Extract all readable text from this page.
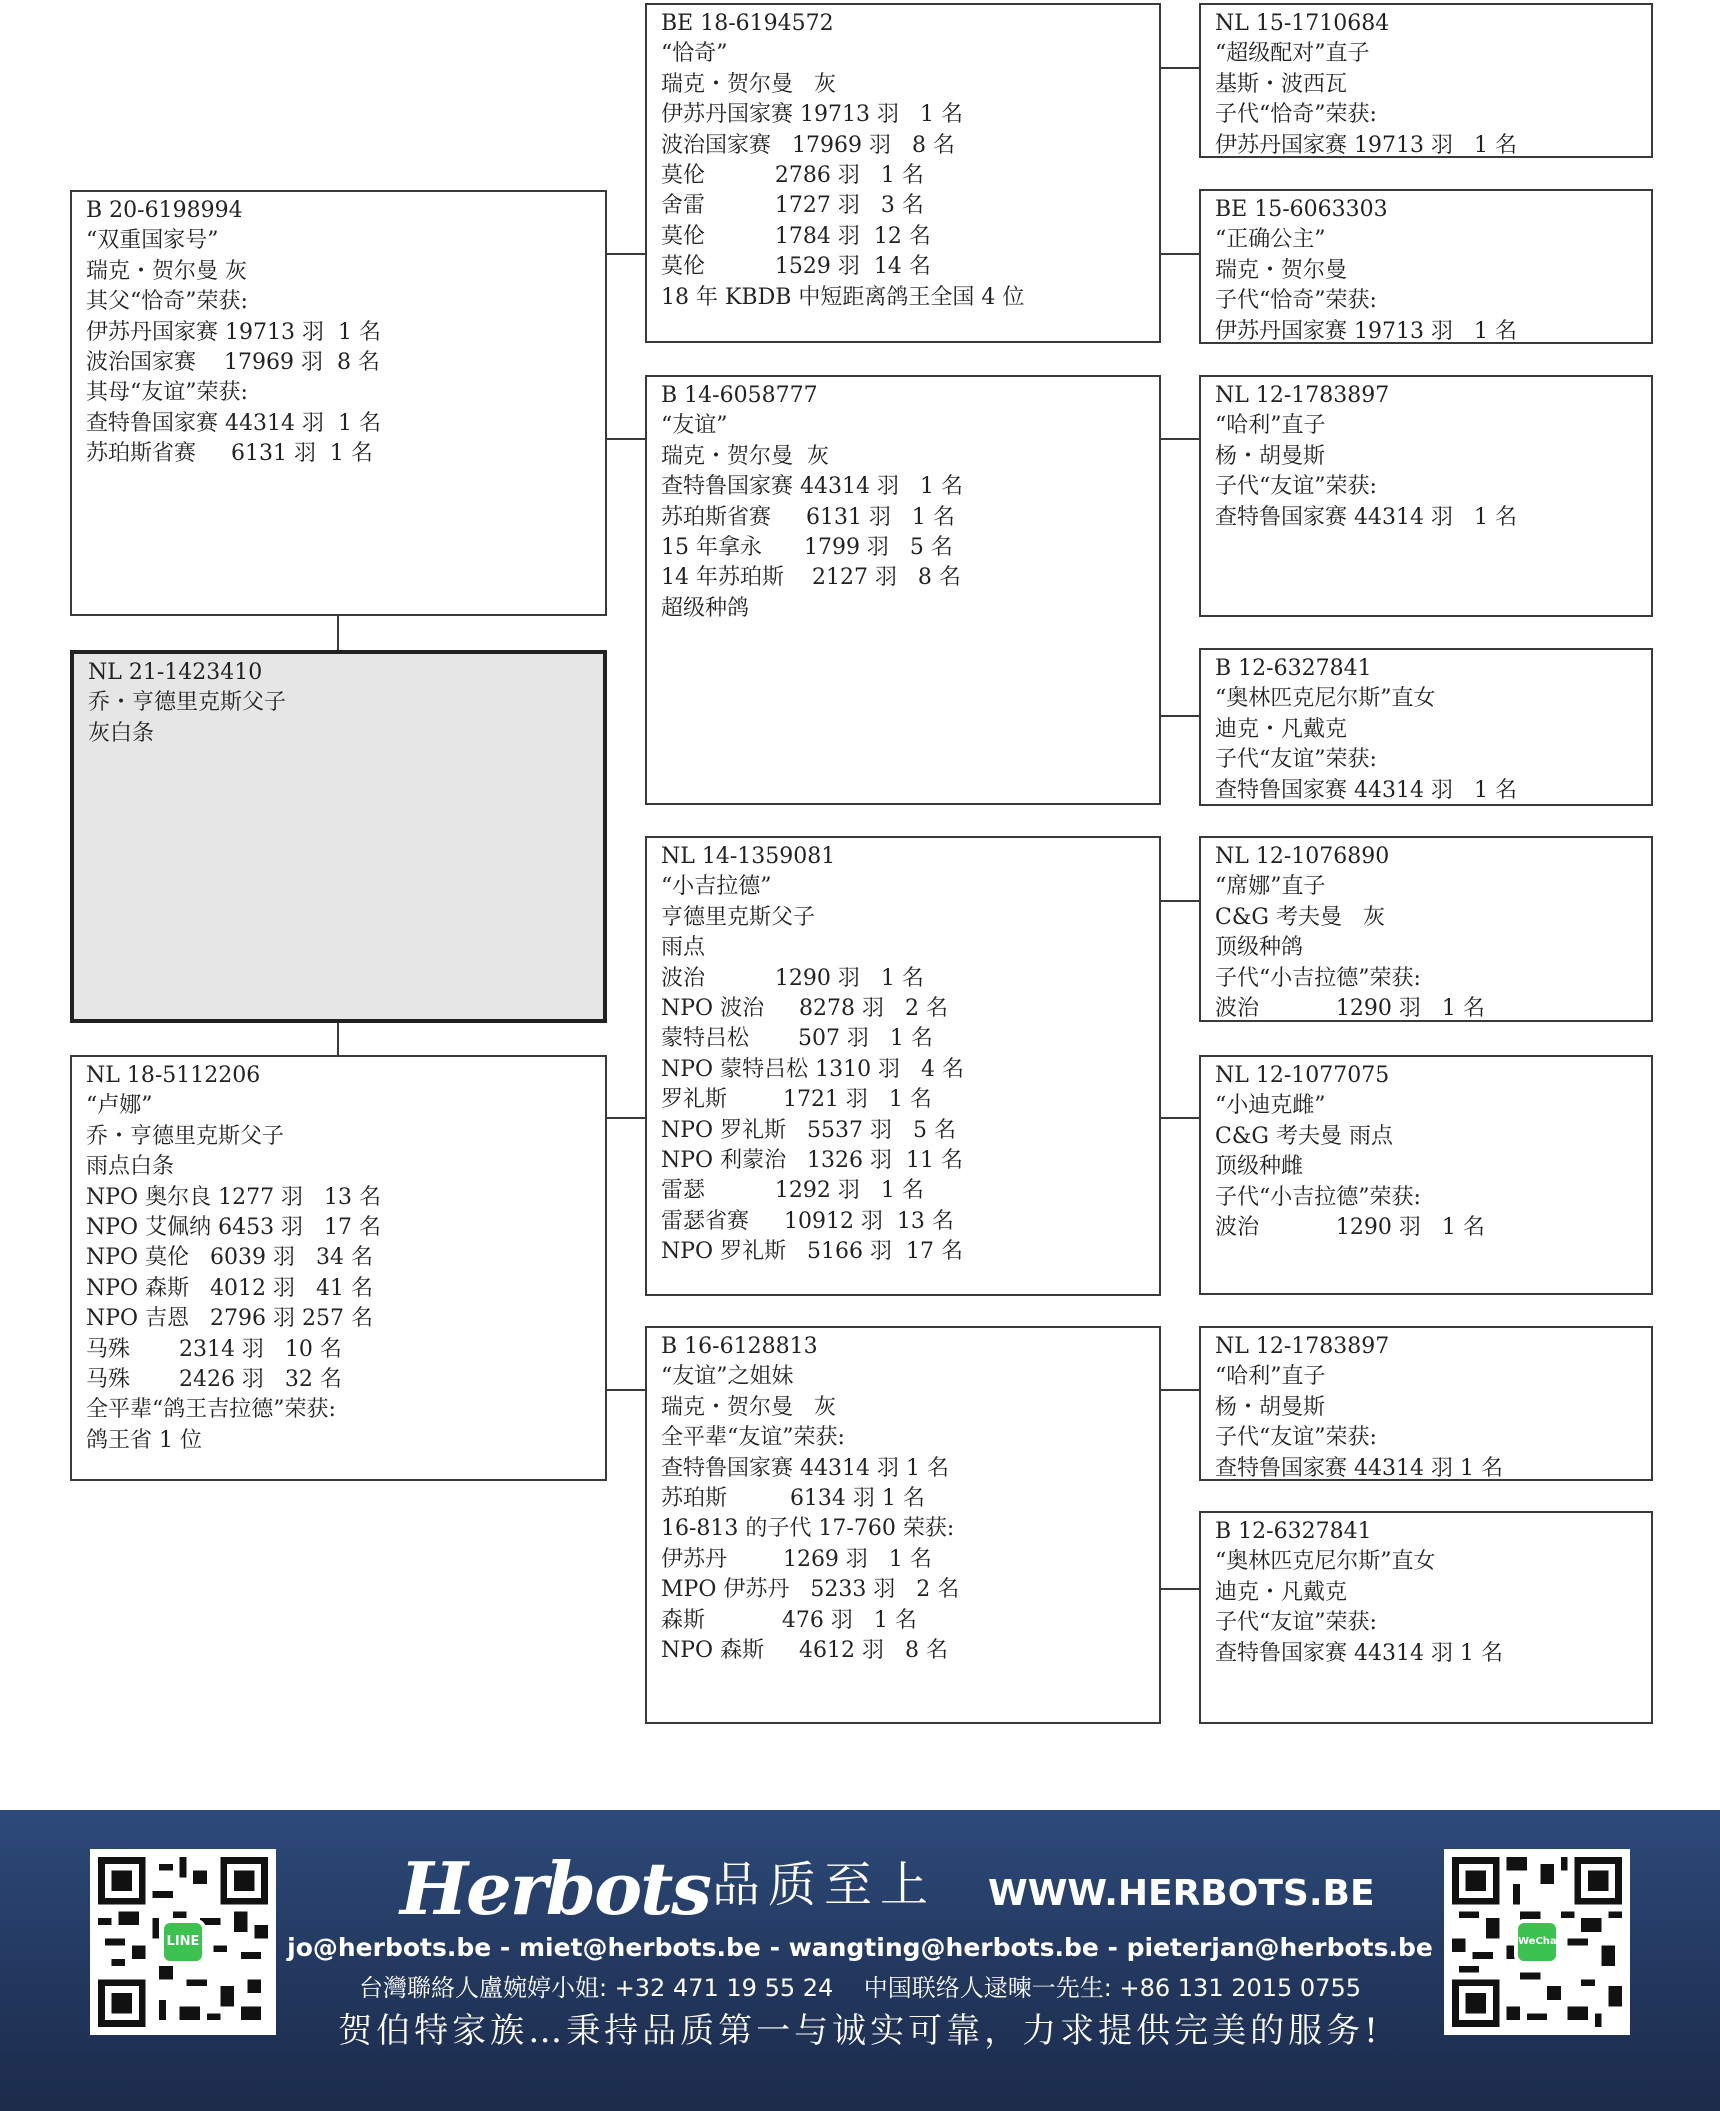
B 20-6198994
“双重国家号”
瑞克・贺尔曼 灰
其父“恰奇”荣获:
伊苏丹国家赛 19713 羽  1 名
波治国家赛    17969 羽  8 名
其母“友谊”荣获:
查特鲁国家赛 44314 羽  1 名
苏珀斯省赛     6131 羽  1 名
NL 21-1423410
乔・亨德里克斯父子
灰白条
NL 18-5112206
“卢娜”
乔・亨德里克斯父子
雨点白条
NPO 奥尔良 1277 羽   13 名
NPO 艾佩纳 6453 羽   17 名
NPO 莫伦   6039 羽   34 名
NPO 森斯   4012 羽   41 名
NPO 吉恩   2796 羽 257 名
马殊       2314 羽   10 名
马殊       2426 羽   32 名
全平辈“鸽王吉拉德”荣获:
鸽王省 1 位
BE 18-6194572
“恰奇”
瑞克・贺尔曼   灰
伊苏丹国家赛 19713 羽   1 名
波治国家赛   17969 羽   8 名
莫伦          2786 羽   1 名
舍雷          1727 羽   3 名
莫伦          1784 羽  12 名
莫伦          1529 羽  14 名
18 年 KBDB 中短距离鸽王全国 4 位
B 14-6058777
“友谊”
瑞克・贺尔曼  灰
查特鲁国家赛 44314 羽   1 名
苏珀斯省赛     6131 羽   1 名
15 年拿永      1799 羽   5 名
14 年苏珀斯    2127 羽   8 名
超级种鸽
NL 14-1359081
“小吉拉德”
亨德里克斯父子
雨点
波治          1290 羽   1 名
NPO 波治     8278 羽   2 名
蒙特吕松       507 羽   1 名
NPO 蒙特吕松 1310 羽   4 名
罗礼斯        1721 羽   1 名
NPO 罗礼斯   5537 羽   5 名
NPO 利蒙治   1326 羽  11 名
雷瑟          1292 羽   1 名
雷瑟省赛     10912 羽  13 名
NPO 罗礼斯   5166 羽  17 名
B 16-6128813
“友谊”之姐妹
瑞克・贺尔曼   灰
全平辈“友谊”荣获:
查特鲁国家赛 44314 羽 1 名
苏珀斯         6134 羽 1 名
16-813 的子代 17-760 荣获:
伊苏丹        1269 羽   1 名
MPO 伊苏丹   5233 羽   2 名
森斯           476 羽   1 名
NPO 森斯     4612 羽   8 名
NL 15-1710684
“超级配对”直子
基斯・波西瓦
子代“恰奇”荣获:
伊苏丹国家赛 19713 羽   1 名
BE 15-6063303
“正确公主”
瑞克・贺尔曼
子代“恰奇”荣获:
伊苏丹国家赛 19713 羽   1 名
NL 12-1783897
“哈利”直子
杨・胡曼斯
子代“友谊”荣获:
查特鲁国家赛 44314 羽   1 名
B 12-6327841
“奥林匹克尼尔斯”直女
迪克・凡戴克
子代“友谊”荣获:
查特鲁国家赛 44314 羽   1 名
NL 12-1076890
“席娜”直子
C&G 考夫曼   灰
顶级种鸽
子代“小吉拉德”荣获:
波治           1290 羽   1 名
NL 12-1077075
“小迪克雌”
C&G 考夫曼 雨点
顶级种雌
子代“小吉拉德”荣获:
波治           1290 羽   1 名
NL 12-1783897
“哈利”直子
杨・胡曼斯
子代“友谊”荣获:
查特鲁国家赛 44314 羽 1 名
B 12-6327841
“奥林匹克尼尔斯”直女
迪克・凡戴克
子代“友谊”荣获:
查特鲁国家赛 44314 羽 1 名
LINE	WeChat
Herbots 品质至上 WWW.HERBOTS.BE
jo@herbots.be - miet@herbots.be - wangting@herbots.be - pieterjan@herbots.be
台灣聯絡人盧婉婷小姐: +32 471 19 55 24    中国联络人逯暕一先生: +86 131 2015 0755
贺伯特家族…秉持品质第一与诚实可靠，力求提供完美的服务!
